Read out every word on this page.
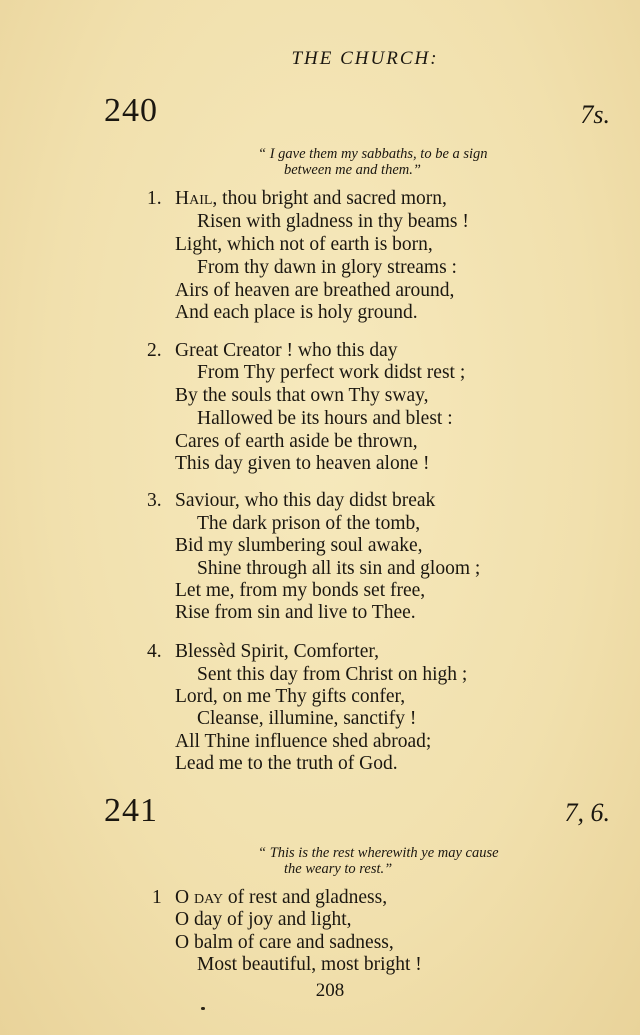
THE CHURCH:
240	7s.
“ I gave them my sabbaths, to be a sign
between me and them.”
1. Hail, thou bright and sacred morn,
Risen with gladness in thy beams !
Light, which not of earth is born,
From thy dawn in glory streams :
Airs of heaven are breathed around,
And each place is holy ground.
2. Great Creator ! who this day
From Thy perfect work didst rest ;
By the souls that own Thy sway,
Hallowed be its hours and blest :
Cares of earth aside be thrown,
This day given to heaven alone !
3. Saviour, who this day didst break
The dark prison of the tomb,
Bid my slumbering soul awake,
Shine through all its sin and gloom ;
Let me, from my bonds set free,
Rise from sin and live to Thee.
4. Blessèd Spirit, Comforter,
Sent this day from Christ on high ;
Lord, on me Thy gifts confer,
Cleanse, illumine, sanctify !
All Thine influence shed abroad;
Lead me to the truth of God.
241	7, 6.
“ This is the rest wherewith ye may cause
the weary to rest.”
1 O day of rest and gladness,
O day of joy and light,
O balm of care and sadness,
Most beautiful, most bright !
208
